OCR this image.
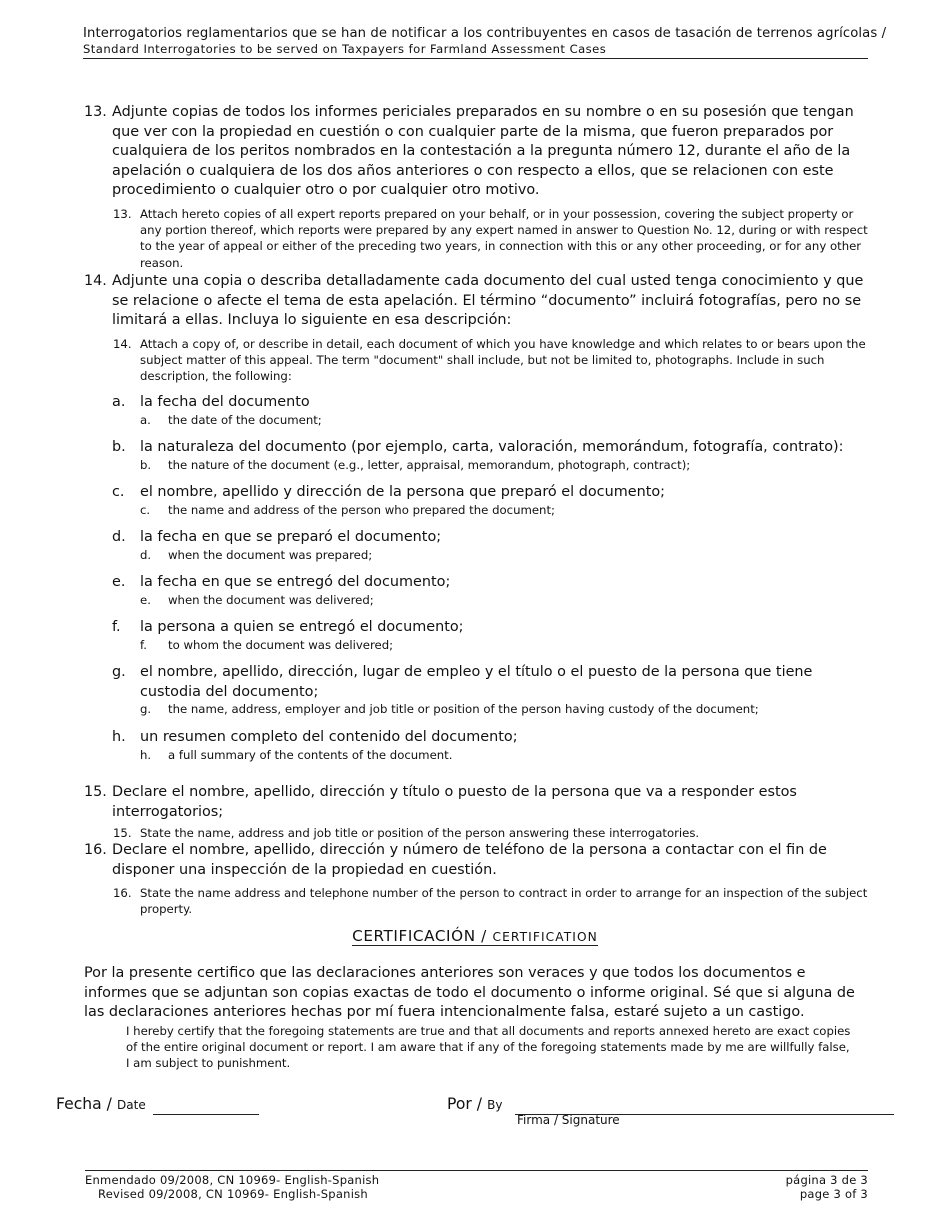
Interrogatorios reglamentarios que se han de notificar a los contribuyentes en casos de tasación de terrenos agrícolas /
Standard Interrogatories to be served on Taxpayers for Farmland Assessment Cases
13. Adjunte copias de todos los informes periciales preparados en su nombre o en su posesión que tengan que ver con la propiedad en cuestión o con cualquier parte de la misma, que fueron preparados por cualquiera de los peritos nombrados en la contestación a la pregunta número 12, durante el año de la apelación o cualquiera de los dos años anteriores o con respecto a ellos, que se relacionen con este procedimiento o cualquier otro o por cualquier otro motivo.
13. Attach hereto copies of all expert reports prepared on your behalf, or in your possession, covering the subject property or any portion thereof, which reports were prepared by any expert named in answer to Question No. 12, during or with respect to the year of appeal or either of the preceding two years, in connection with this or any other proceeding, or for any other reason.
14. Adjunte una copia o describa detalladamente cada documento del cual usted tenga conocimiento y que se relacione o afecte el tema de esta apelación. El término “documento” incluirá fotografías, pero no se limitará a ellas. Incluya lo siguiente en esa descripción:
14. Attach a copy of, or describe in detail, each document of which you have knowledge and which relates to or bears upon the subject matter of this appeal. The term "document" shall include, but not be limited to, photographs. Include in such description, the following:
a.	la fecha del documento
a.	the date of the document;
b. la naturaleza del documento (por ejemplo, carta, valoración, memorándum, fotografía, contrato):
b.	the nature of the document (e.g., letter, appraisal, memorandum, photograph, contract);
c.	el nombre, apellido y dirección de la persona que preparó el documento;
c.	the name and address of the person who prepared the document;
d. la fecha en que se preparó el documento;
d.	when the document was prepared;
e.	la fecha en que se entregó del documento;
e.	when the document was delivered;
f.	la persona a quien se entregó el documento;
f.	to whom the document was delivered;
g. el nombre, apellido, dirección, lugar de empleo y el título o el puesto de la persona que tiene custodia del documento;
g.	the name, address, employer and job title or position of the person having custody of the document;
h. un resumen completo del contenido del documento;
h.	a full summary of the contents of the document.
15. Declare el nombre, apellido, dirección y título o puesto de la persona que va a responder estos interrogatorios;
15. State the name, address and job title or position of the person answering these interrogatories.
16. Declare el nombre, apellido, dirección y número de teléfono de la persona a contactar con el fin de disponer una inspección de la propiedad en cuestión.
16. State the name address and telephone number of the person to contract in order to arrange for an inspection of the subject property.
CERTIFICACIÓN / CERTIFICATION
Por la presente certifico que las declaraciones anteriores son veraces y que todos los documentos e informes que se adjuntan son copias exactas de todo el documento o informe original. Sé que si alguna de las declaraciones anteriores hechas por mí fuera intencionalmente falsa, estaré sujeto a un castigo.
I hereby certify that the foregoing statements are true and that all documents and reports annexed hereto are exact copies of the entire original document or report. I am aware that if any of the foregoing statements made by me are willfully false, I am subject to punishment.
Fecha / Date	Por / By
Firma / Signature
Enmendado 09/2008, CN 10969- English-Spanish	página 3 de 3
Revised 09/2008, CN 10969- English-Spanish	page 3 of 3
